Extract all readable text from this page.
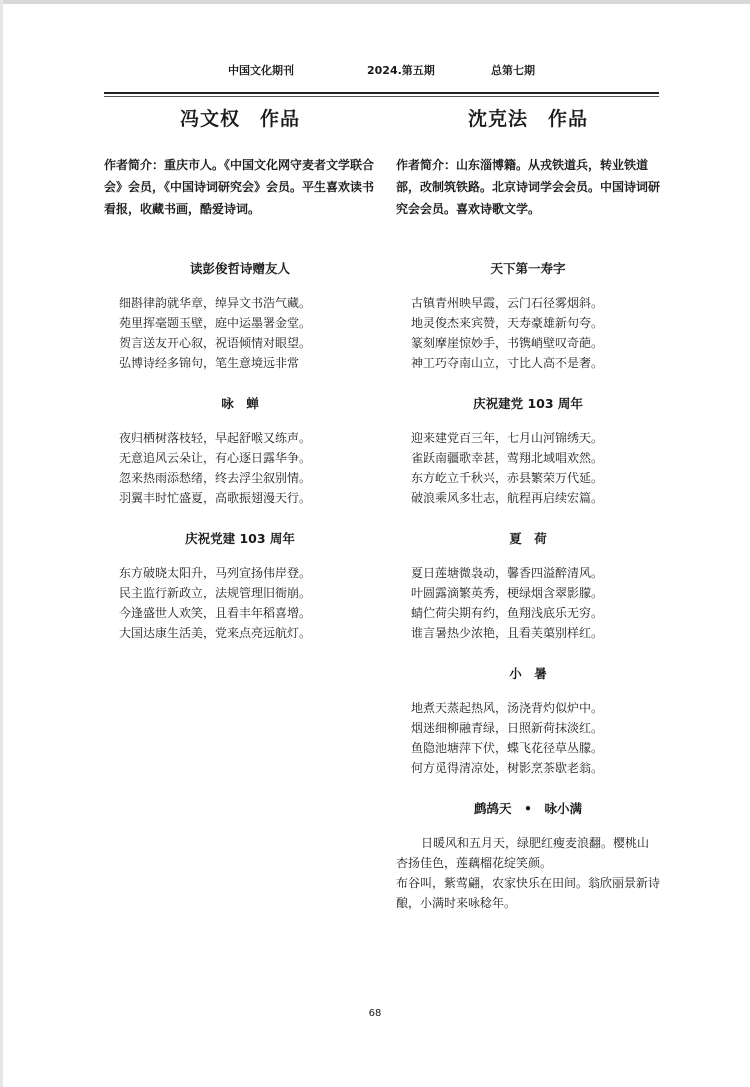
中国文化期刊	2024.第五期	总第七期
冯文权　作品
作者简介：重庆市人。《中国文化网守麦者文学联合会》会员，《中国诗词研究会》会员。平生喜欢读书看报，收藏书画，酷爱诗词。
读彭俊哲诗赠友人
细斟律韵就华章，绰异文书浩气藏。
苑里挥毫题玉壁，庭中运墨署金堂。
贺言送友开心叙，祝语倾情对眼望。
弘博诗经多锦句，笔生意境远非常
咏　蝉
夜归栖树落枝轻，早起舒喉又练声。
无意追风云朵让，有心逐日露华争。
忽来热雨添愁绪，终去浮尘叙别情。
羽翼丰时忙盛夏，高歌振翅漫天行。
庆祝党建 103 周年
东方破晓太阳升，马列宣扬伟岸登。
民主监行新政立，法规管理旧衙崩。
今逢盛世人欢笑，且看丰年稻喜增。
大国达康生活美，党来点亮远航灯。
沈克法　作品
作者简介：山东淄博籍。从戎铁道兵，转业铁道部，改制筑铁路。北京诗词学会会员。中国诗词研究会会员。喜欢诗歌文学。
天下第一寿字
古镇青州映早霞，云门石径雾烟斜。
地灵俊杰来宾赞，天寿豪雄新句夸。
篆刻摩崖惊妙手，书镌峭壁叹奇葩。
神工巧夺南山立，寸比人高不是奢。
庆祝建党 103 周年
迎来建党百三年，七月山河锦绣天。
雀跃南疆歌幸甚，莺翔北域唱欢然。
东方屹立千秋兴，赤县繁荣万代延。
破浪乘风多壮志，航程再启续宏篇。
夏　荷
夏日莲塘微袅动，馨香四溢醉清风。
叶圆露滴繁英秀，梗绿烟含翠影朦。
蜻伫荷尖期有约，鱼翔浅底乐无穷。
谁言暑热少浓艳，且看芙蕖别样红。
小　暑
地煮天蒸起热风，汤浇背灼似炉中。
烟迷细柳融青绿，日照新荷抹淡红。
鱼隐池塘萍下伏，蝶飞花径草丛朦。
何方觅得清凉处，树影烹茶歇老翁。
鹧鸪天　•　咏小满

日暖风和五月天，绿肥红瘦麦浪翻。樱桃山杏扬佳色，莲藕榴花绽笑颜。

布谷叫，紫莺翩，农家快乐在田间。翁欣丽景新诗酿，小满时来咏稔年。

68
